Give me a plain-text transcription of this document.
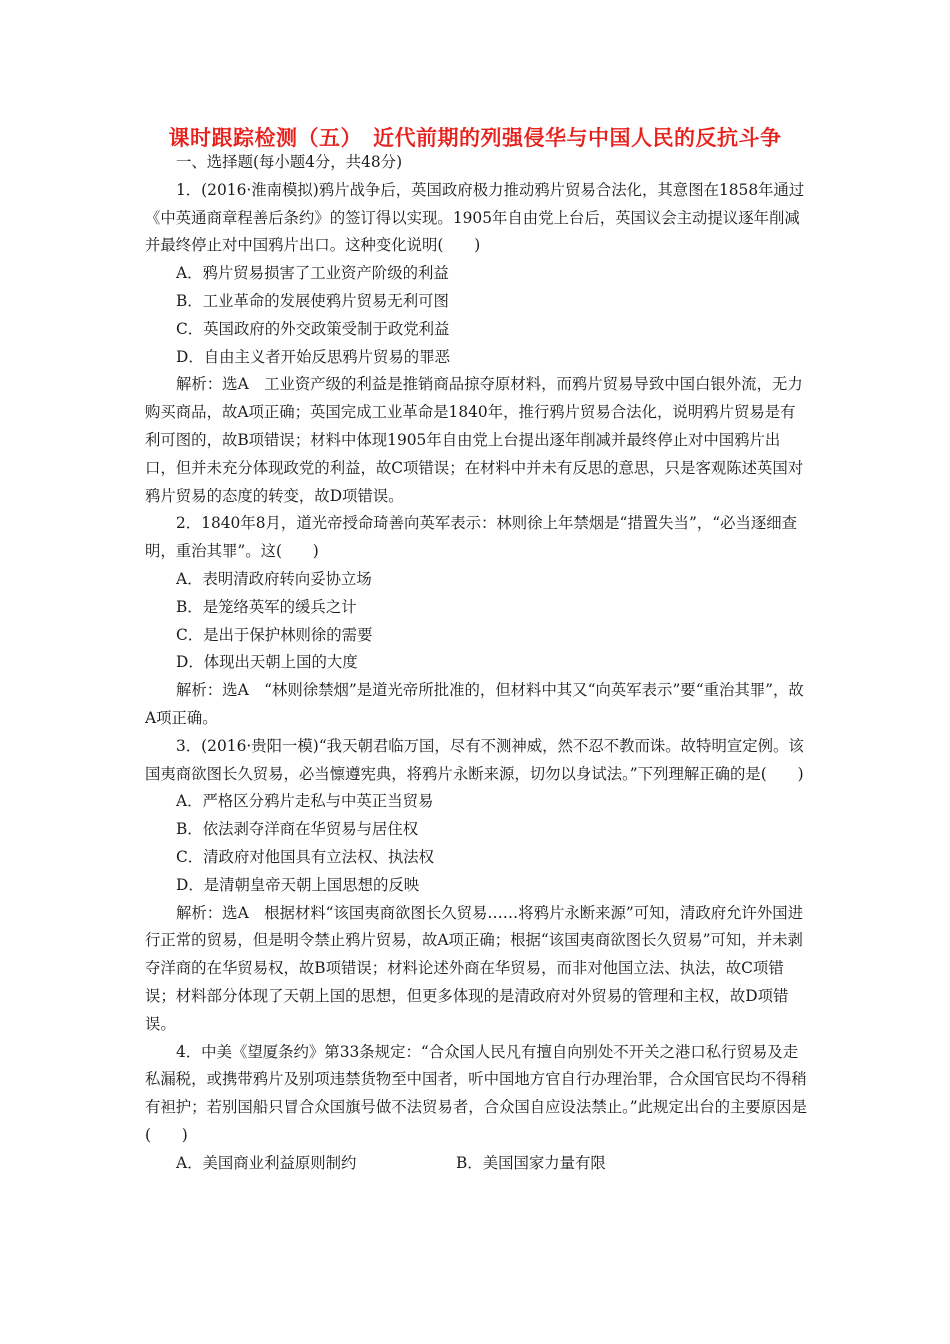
课时跟踪检测（五）　近代前期的列强侵华与中国人民的反抗斗争

一、选择题(每小题4分，共48分)

1．(2016·淮南模拟)鸦片战争后，英国政府极力推动鸦片贸易合法化，其意图在1858年通过《中英通商章程善后条约》的签订得以实现。1905年自由党上台后，英国议会主动提议逐年削减并最终停止对中国鸦片出口。这种变化说明(　　)

A．鸦片贸易损害了工业资产阶级的利益

B．工业革命的发展使鸦片贸易无利可图

C．英国政府的外交政策受制于政党利益

D．自由主义者开始反思鸦片贸易的罪恶

解析：选A　工业资产级的利益是推销商品掠夺原材料，而鸦片贸易导致中国白银外流，无力购买商品，故A项正确；英国完成工业革命是1840年，推行鸦片贸易合法化，说明鸦片贸易是有利可图的，故B项错误；材料中体现1905年自由党上台提出逐年削减并最终停止对中国鸦片出口，但并未充分体现政党的利益，故C项错误；在材料中并未有反思的意思，只是客观陈述英国对鸦片贸易的态度的转变，故D项错误。

2．1840年8月，道光帝授命琦善向英军表示：林则徐上年禁烟是“措置失当”，“必当逐细查明，重治其罪”。这(　　)

A．表明清政府转向妥协立场

B．是笼络英军的缓兵之计

C．是出于保护林则徐的需要

D．体现出天朝上国的大度

解析：选A　“林则徐禁烟”是道光帝所批准的，但材料中其又“向英军表示”要“重治其罪”，故A项正确。

3．(2016·贵阳一模)“我天朝君临万国，尽有不测神威，然不忍不教而诛。故特明宣定例。该国夷商欲图长久贸易，必当懔遵宪典，将鸦片永断来源，切勿以身试法。”下列理解正确的是(　　)

A．严格区分鸦片走私与中英正当贸易

B．依法剥夺洋商在华贸易与居住权

C．清政府对他国具有立法权、执法权

D．是清朝皇帝天朝上国思想的反映

解析：选A　根据材料“该国夷商欲图长久贸易……将鸦片永断来源”可知，清政府允许外国进行正常的贸易，但是明令禁止鸦片贸易，故A项正确；根据“该国夷商欲图长久贸易”可知，并未剥夺洋商的在华贸易权，故B项错误；材料论述外商在华贸易，而非对他国立法、执法，故C项错误；材料部分体现了天朝上国的思想，但更多体现的是清政府对外贸易的管理和主权，故D项错误。

4．中美《望厦条约》第33条规定：“合众国人民凡有擅自向别处不开关之港口私行贸易及走私漏税，或携带鸦片及别项违禁货物至中国者，听中国地方官自行办理治罪，合众国官民均不得稍有袒护；若别国船只冒合众国旗号做不法贸易者，合众国自应设法禁止。”此规定出台的主要原因是(　　)

A．美国商业利益原则制约	B．美国国家力量有限
